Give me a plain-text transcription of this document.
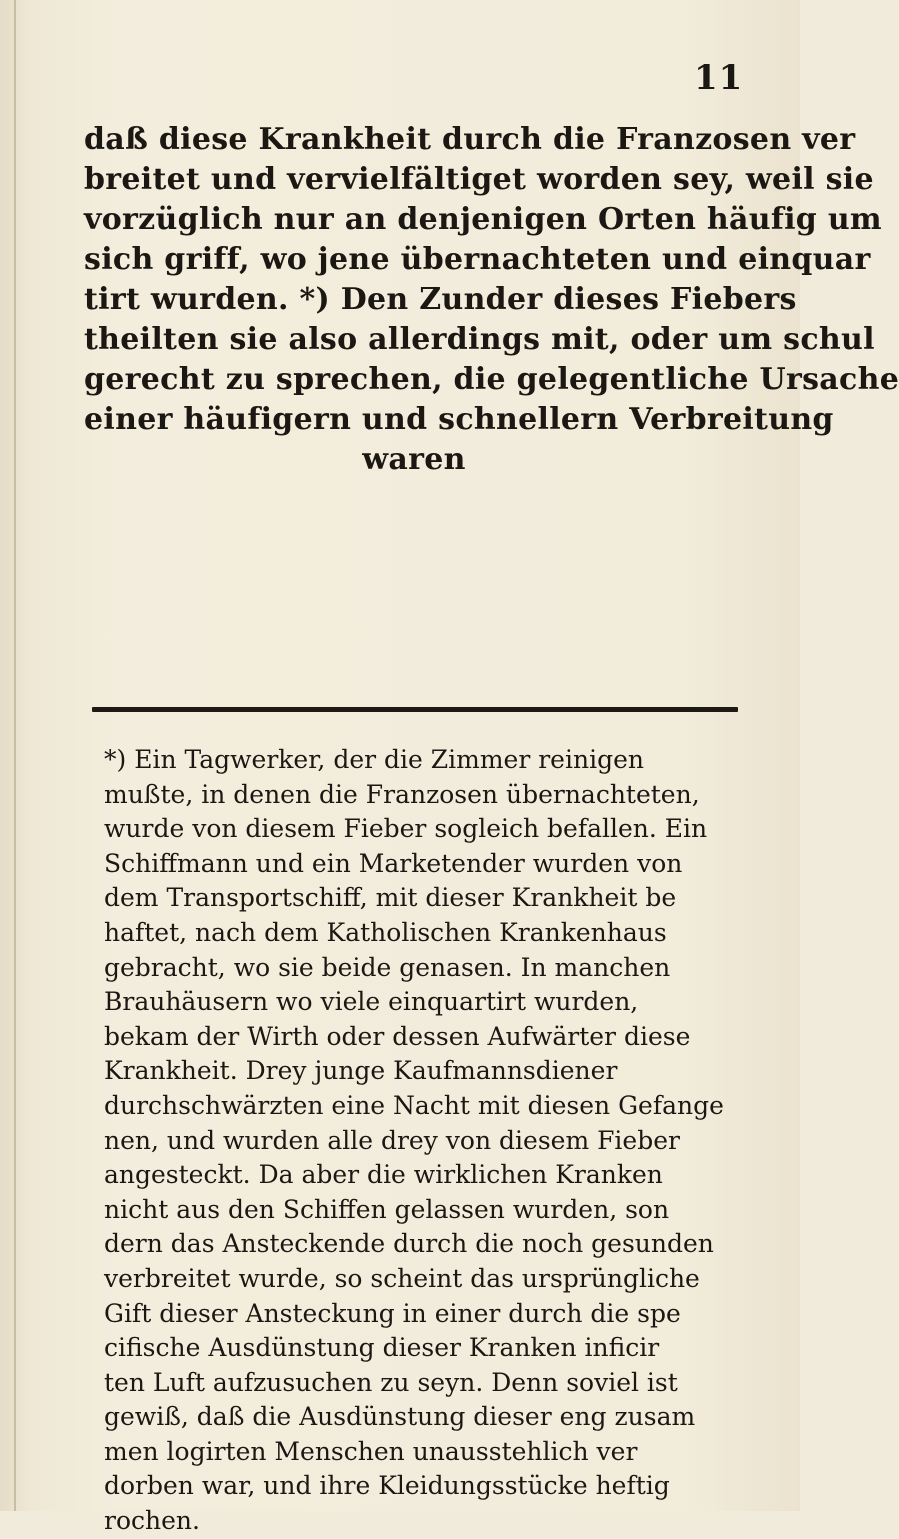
11
daß diese Krankheit durch die Franzosen ver
breitet und vervielfältiget worden sey, weil sie
vorzüglich nur an denjenigen Orten häufig um
sich griff, wo jene übernachteten und einquar
tirt wurden. *) Den Zunder dieses Fiebers
theilten sie also allerdings mit, oder um schul
gerecht zu sprechen, die gelegentliche Ursache
einer häufigern und schnellern Verbreitung
waren
*) Ein Tagwerker, der die Zimmer reinigen
mußte, in denen die Franzosen übernachteten,
wurde von diesem Fieber sogleich befallen. Ein
Schiffmann und ein Marketender wurden von
dem Transportschiff, mit dieser Krankheit be
haftet, nach dem Katholischen Krankenhaus
gebracht, wo sie beide genasen. In manchen
Brauhäusern wo viele einquartirt wurden,
bekam der Wirth oder dessen Aufwärter diese
Krankheit. Drey junge Kaufmannsdiener
durchschwärzten eine Nacht mit diesen Gefange
nen, und wurden alle drey von diesem Fieber
angesteckt. Da aber die wirklichen Kranken
nicht aus den Schiffen gelassen wurden, son
dern das Ansteckende durch die noch gesunden
verbreitet wurde, so scheint das ursprüngliche
Gift dieser Ansteckung in einer durch die spe
cifische Ausdünstung dieser Kranken inficir
ten Luft aufzusuchen zu seyn. Denn soviel ist
gewiß, daß die Ausdünstung dieser eng zusam
men logirten Menschen unausstehlich ver
dorben war, und ihre Kleidungsstücke heftig
rochen.
